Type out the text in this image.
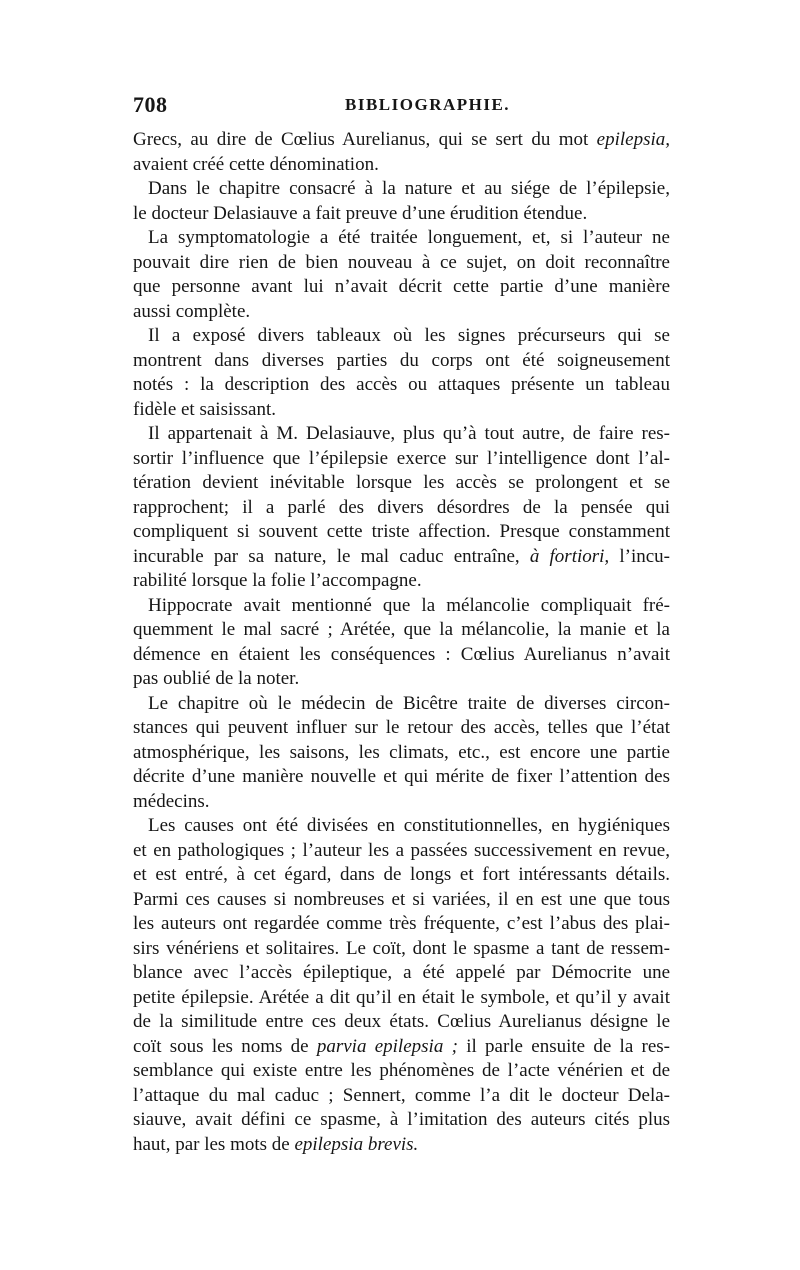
708	BIBLIOGRAPHIE.
Grecs, au dire de Cœlius Aurelianus, qui se sert du mot epilepsia,
avaient créé cette dénomination.
Dans le chapitre consacré à la nature et au siége de l’épilepsie,
le docteur Delasiauve a fait preuve d’une érudition étendue.
La symptomatologie a été traitée longuement, et, si l’auteur ne
pouvait dire rien de bien nouveau à ce sujet, on doit reconnaître
que personne avant lui n’avait décrit cette partie d’une manière
aussi complète.
Il a exposé divers tableaux où les signes précurseurs qui se
montrent dans diverses parties du corps ont été soigneusement
notés : la description des accès ou attaques présente un tableau
fidèle et saisissant.
Il appartenait à M. Delasiauve, plus qu’à tout autre, de faire res-
sortir l’influence que l’épilepsie exerce sur l’intelligence dont l’al-
tération devient inévitable lorsque les accès se prolongent et se
rapprochent; il a parlé des divers désordres de la pensée qui
compliquent si souvent cette triste affection. Presque constamment
incurable par sa nature, le mal caduc entraîne, à fortiori, l’incu-
rabilité lorsque la folie l’accompagne.
Hippocrate avait mentionné que la mélancolie compliquait fré-
quemment le mal sacré ; Arétée, que la mélancolie, la manie et la
démence en étaient les conséquences : Cœlius Aurelianus n’avait
pas oublié de la noter.
Le chapitre où le médecin de Bicêtre traite de diverses circon-
stances qui peuvent influer sur le retour des accès, telles que l’état
atmosphérique, les saisons, les climats, etc., est encore une partie
décrite d’une manière nouvelle et qui mérite de fixer l’attention des
médecins.
Les causes ont été divisées en constitutionnelles, en hygiéniques
et en pathologiques ; l’auteur les a passées successivement en revue,
et est entré, à cet égard, dans de longs et fort intéressants détails.
Parmi ces causes si nombreuses et si variées, il en est une que tous
les auteurs ont regardée comme très fréquente, c’est l’abus des plai-
sirs vénériens et solitaires. Le coït, dont le spasme a tant de ressem-
blance avec l’accès épileptique, a été appelé par Démocrite une
petite épilepsie. Arétée a dit qu’il en était le symbole, et qu’il y avait
de la similitude entre ces deux états. Cœlius Aurelianus désigne le
coït sous les noms de parvia epilepsia ; il parle ensuite de la res-
semblance qui existe entre les phénomènes de l’acte vénérien et de
l’attaque du mal caduc ; Sennert, comme l’a dit le docteur Dela-
siauve, avait défini ce spasme, à l’imitation des auteurs cités plus
haut, par les mots de epilepsia brevis.
